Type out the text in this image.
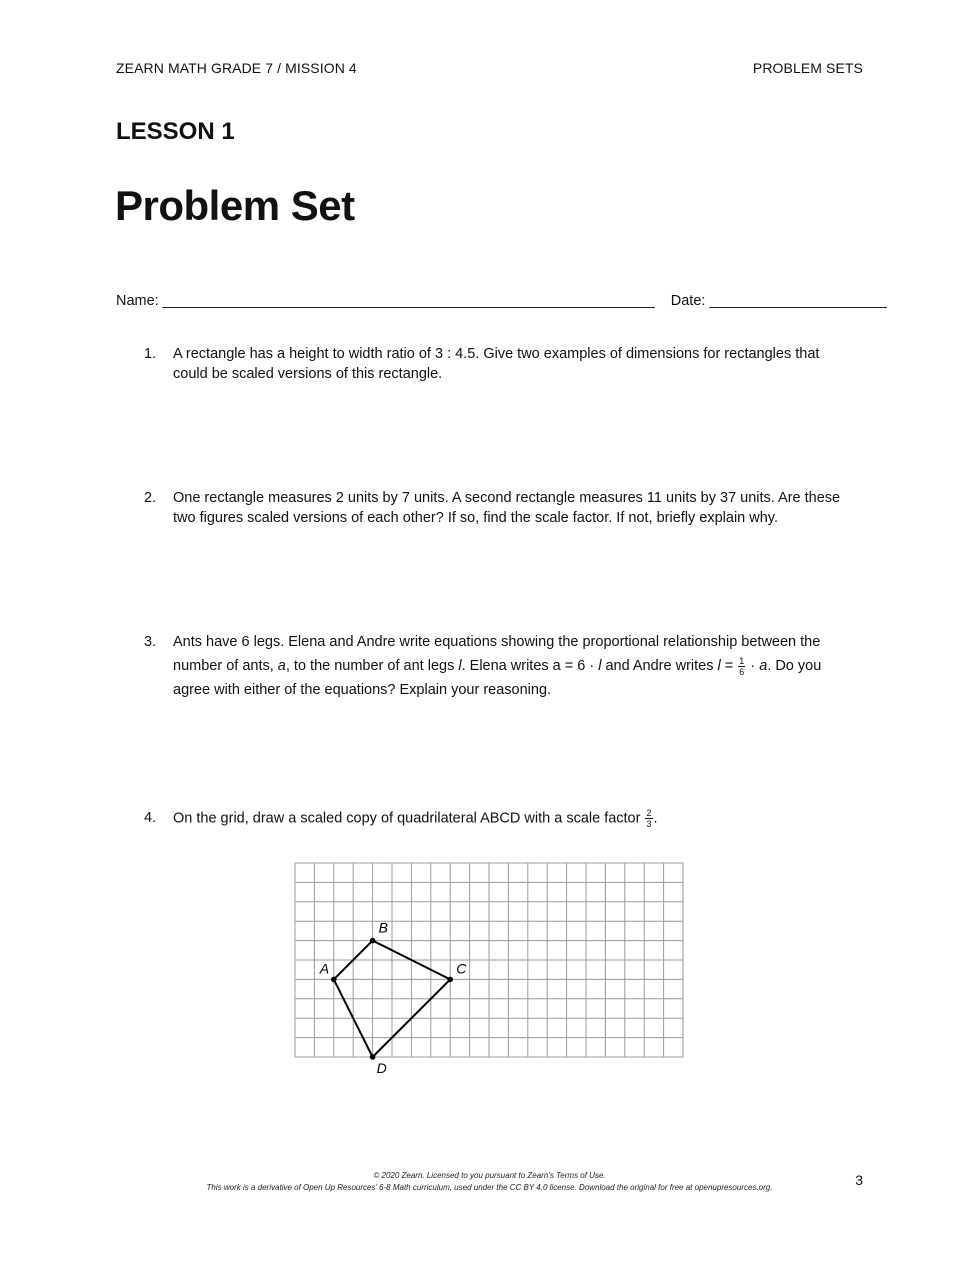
ZEARN MATH GRADE 7 / MISSION 4	PROBLEM SETS
LESSON 1
Problem Set
Name: _____________________________________________________________    Date: ______________________
1. A rectangle has a height to width ratio of 3 : 4.5. Give two examples of dimensions for rectangles that could be scaled versions of this rectangle.
2. One rectangle measures 2 units by 7 units. A second rectangle measures 11 units by 37 units. Are these two figures scaled versions of each other? If so, find the scale factor. If not, briefly explain why.
3. Ants have 6 legs. Elena and Andre write equations showing the proportional relationship between the number of ants, a, to the number of ant legs l. Elena writes a = 6 · l and Andre writes $l = \frac{1}{6} \cdot a$. Do you agree with either of the equations? Explain your reasoning.
4. On the grid, draw a scaled copy of quadrilateral ABCD with a scale factor $\frac{2}{3}$ .
A
B
C
D
© 2020 Zearn. Licensed to you pursuant to Zearn’s Terms of Use.
This work is a derivative of Open Up Resources’ 6-8 Math curriculum, used under the CC BY 4.0 license. Download the original for free at openupresources.org.	3
